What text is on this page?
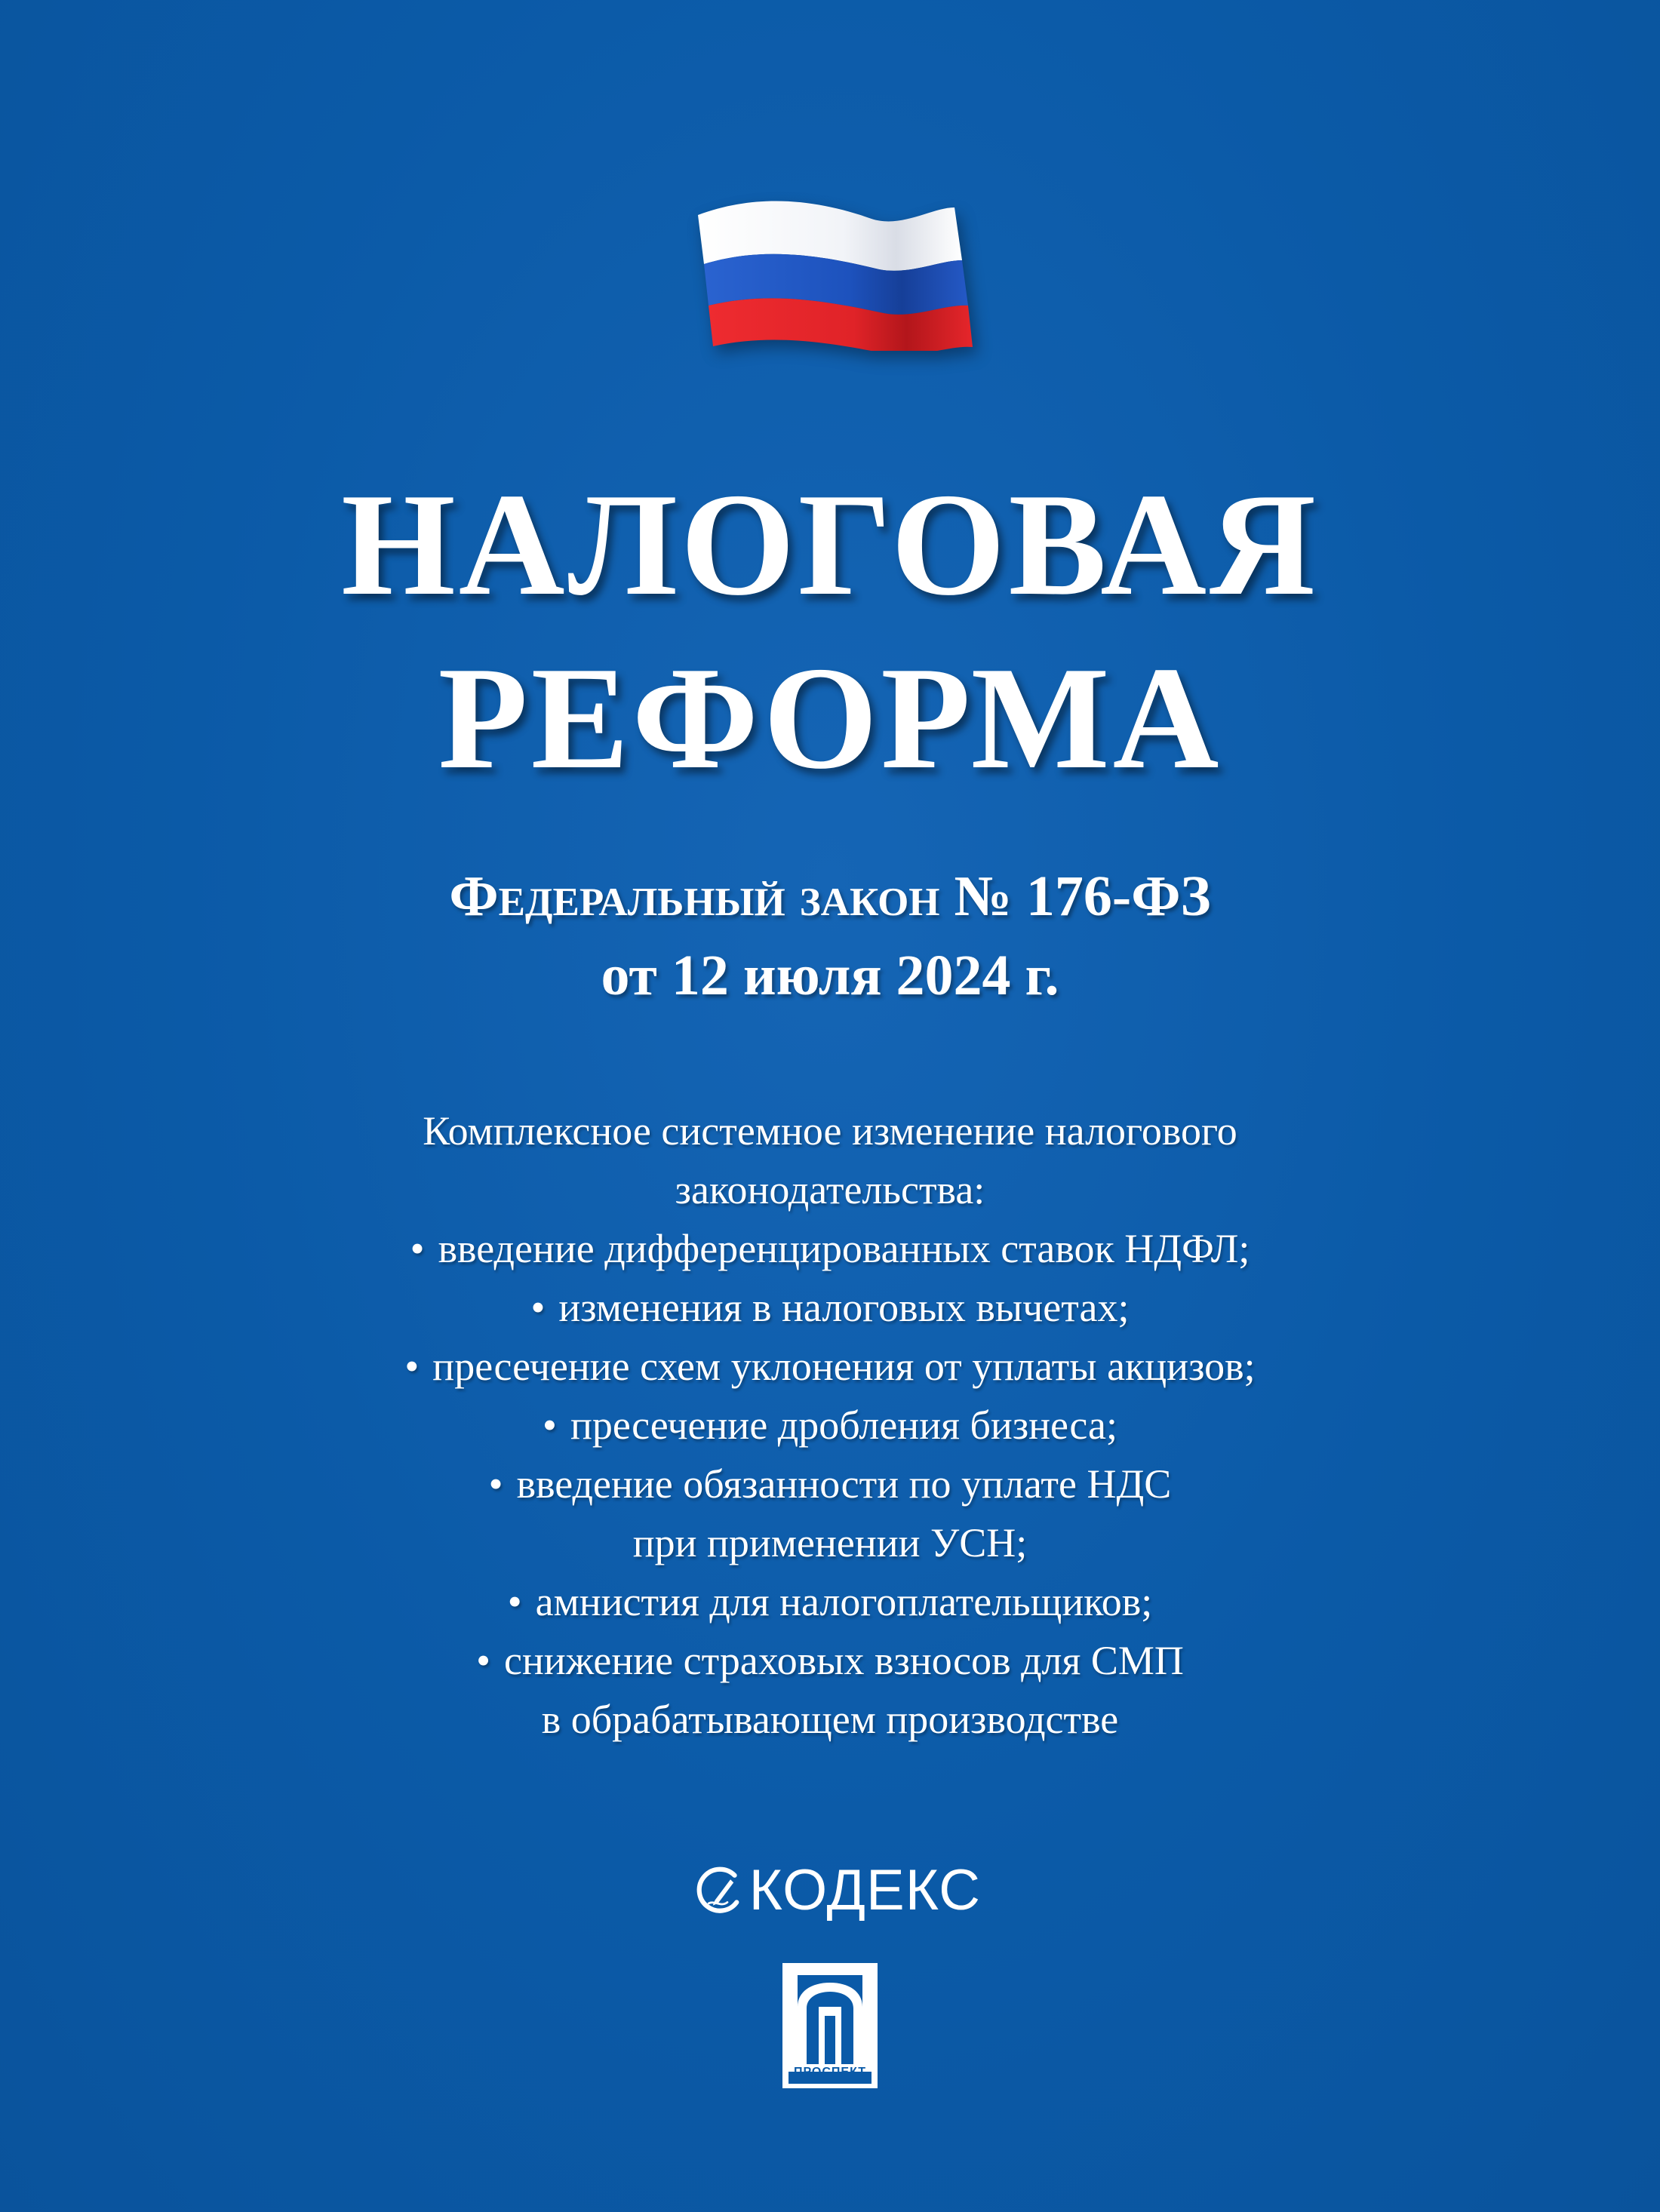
НАЛОГОВАЯ
РЕФОРМА
Федеральный закон № 176-ФЗ
от 12 июля 2024 г.
Комплексное системное изменение налогового
законодательства:
• введение дифференцированных ставок НДФЛ;
• изменения в налоговых вычетах;
• пресечение схем уклонения от уплаты акцизов;
• пресечение дробления бизнеса;
• введение обязанности по уплате НДС
при применении УСН;
• амнистия для налогоплательщиков;
• снижение страховых взносов для СМП
в обрабатывающем производстве
КОДЕКС
ПРОСПЕКТ
